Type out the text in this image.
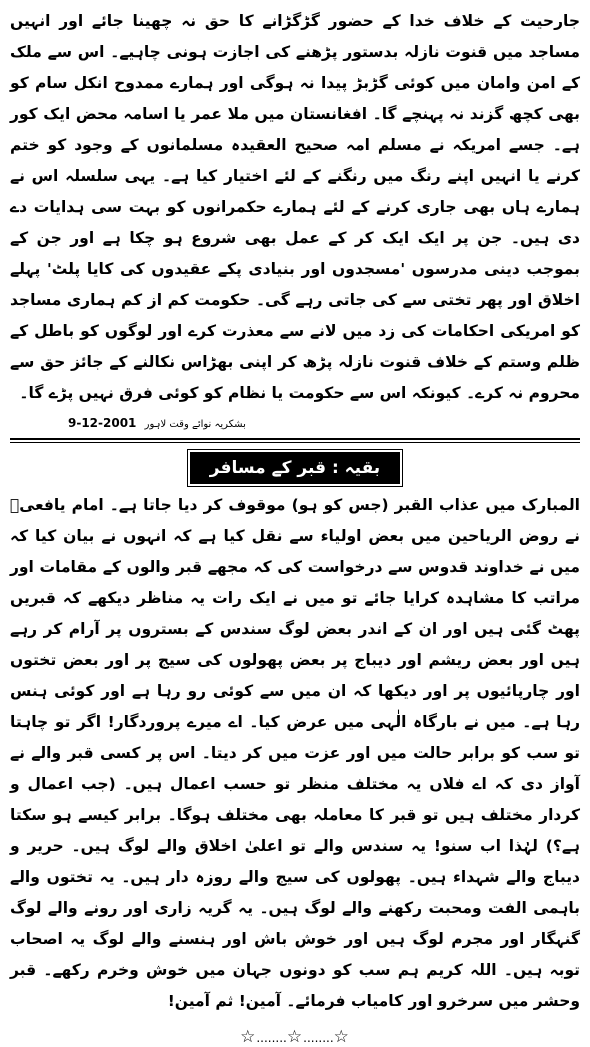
جارحیت کے خلاف خدا کے حضور گڑگڑانے کا حق نہ چھینا جائے اور انہیں مساجد میں قنوت نازلہ بدستور پڑھنے کی اجازت ہونی چاہیے۔ اس سے ملک کے امن وامان میں کوئی گڑبڑ پیدا نہ ہوگی اور ہمارے ممدوح انکل سام کو بھی کچھ گزند نہ پہنچے گا۔ افغانستان میں ملا عمر یا اسامہ محض ایک کور ہے۔ جسے امریکہ نے مسلم امہ صحیح العقیدہ مسلمانوں کے وجود کو ختم کرنے یا انہیں اپنے رنگ میں رنگنے کے لئے اختیار کیا ہے۔ یہی سلسلہ اس نے ہمارے ہاں بھی جاری کرنے کے لئے ہمارے حکمرانوں کو بہت سی ہدایات دے دی ہیں۔ جن پر ایک ایک کر کے عمل بھی شروع ہو چکا ہے اور جن کے بموجب دینی مدرسوں 'مسجدوں اور بنیادی پکے عقیدوں کی کایا پلٹ' پہلے اخلاق اور پھر تختی سے کی جاتی رہے گی۔ حکومت کم از کم ہماری مساجد کو امریکی احکامات کی زد میں لانے سے معذرت کرے اور لوگوں کو باطل کے ظلم وستم کے خلاف قنوت نازلہ پڑھ کر اپنی بھڑاس نکالنے کے جائز حق سے محروم نہ کرے۔ کیونکہ اس سے حکومت یا نظام کو کوئی فرق نہیں پڑے گا۔

9-12-2001 بشکریہ نوائے وقت لاہور
بقیہ : قبر کے مسافر

المبارک میں عذاب القبر (جس کو ہو) موقوف کر دیا جاتا ہے۔ امام یافعیؒ نے روض الریاحین میں بعض اولیاء سے نقل کیا ہے کہ انہوں نے بیان کیا کہ میں نے خداوند قدوس سے درخواست کی کہ مجھے قبر والوں کے مقامات اور مراتب کا مشاہدہ کرایا جائے تو میں نے ایک رات یہ مناظر دیکھے کہ قبریں پھٹ گئی ہیں اور ان کے اندر بعض لوگ سندس کے بستروں پر آرام کر رہے ہیں اور بعض ریشم اور دیباج پر بعض پھولوں کی سیج پر اور بعض تختوں اور چارپائیوں پر اور دیکھا کہ ان میں سے کوئی رو رہا ہے اور کوئی ہنس رہا ہے۔ میں نے بارگاہ الٰہی میں عرض کیا۔ اے میرے پروردگار! اگر تو چاہتا تو سب کو برابر حالت میں اور عزت میں کر دیتا۔ اس پر کسی قبر والے نے آواز دی کہ اے فلاں یہ مختلف منظر تو حسب اعمال ہیں۔ (جب اعمال و کردار مختلف ہیں تو قبر کا معاملہ بھی مختلف ہوگا۔ برابر کیسے ہو سکتا ہے؟) لہٰذا اب سنو! یہ سندس والے تو اعلیٰ اخلاق والے لوگ ہیں۔ حریر و دیباج والے شہداء ہیں۔ پھولوں کی سیج والے روزہ دار ہیں۔ یہ تختوں والے باہمی الفت ومحبت رکھنے والے لوگ ہیں۔ یہ گریہ زاری اور رونے والے لوگ گنہگار اور مجرم لوگ ہیں اور خوش باش اور ہنسنے والے لوگ یہ اصحاب توبہ ہیں۔ اللہ کریم ہم سب کو دونوں جہان میں خوش وخرم رکھے۔ قبر وحشر میں سرخرو اور کامیاب فرمائے۔ آمین! ثم آمین!

☆........☆........☆
